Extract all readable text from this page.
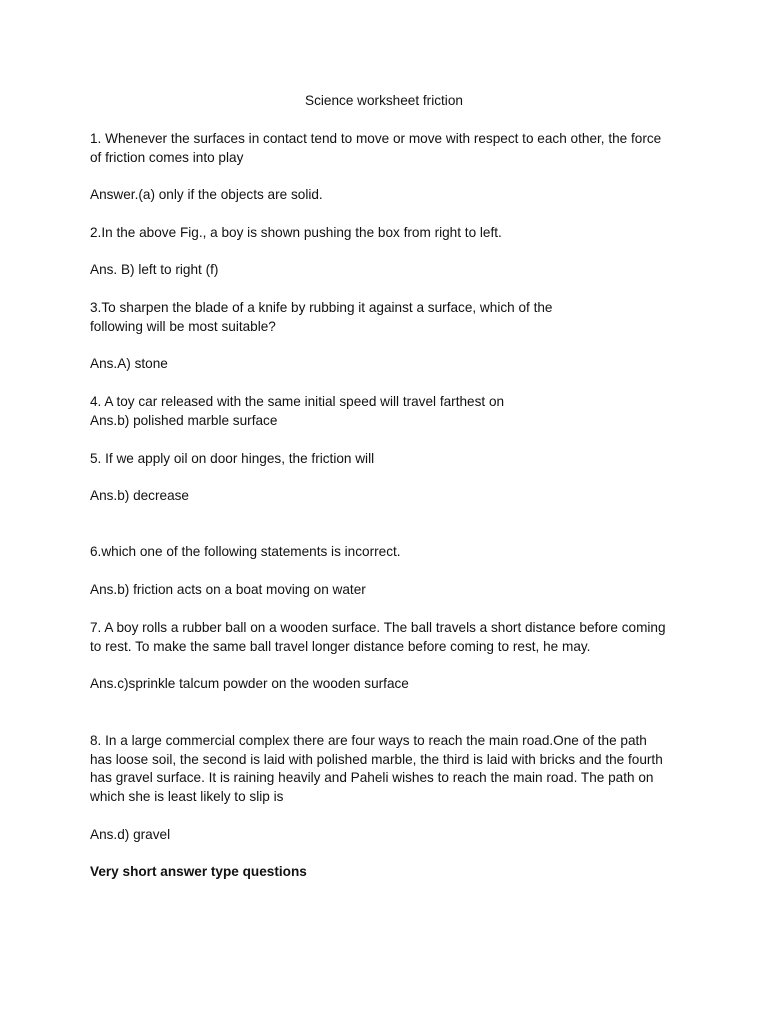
Science worksheet friction
1. Whenever the surfaces in contact tend to move or move with respect to each other, the force
of friction comes into play
Answer.(a) only if the objects are solid.
2.In the above Fig., a boy is shown pushing the box from right to left.
Ans. B) left to right (f)
3.To sharpen the blade of a knife by rubbing it against a surface, which of the
following will be most suitable?
Ans.A) stone
4. A toy car released with the same initial speed will travel farthest on
Ans.b) polished marble surface
5. If we apply oil on door hinges, the friction will
Ans.b) decrease
6.which one of the following statements is incorrect.
Ans.b) friction acts on a boat moving on water
7. A boy rolls a rubber ball on a wooden surface. The ball travels a short distance before coming
to rest. To make the same ball travel longer distance before coming to rest, he may.
Ans.c)sprinkle talcum powder on the wooden surface
8. In a large commercial complex there are four ways to reach the main road.One of the path
has loose soil, the second is laid with polished marble, the third is laid with bricks and the fourth
has gravel surface. It is raining heavily and Paheli wishes to reach the main road. The path on
which she is least likely to slip is
Ans.d) gravel
Very short answer type questions
